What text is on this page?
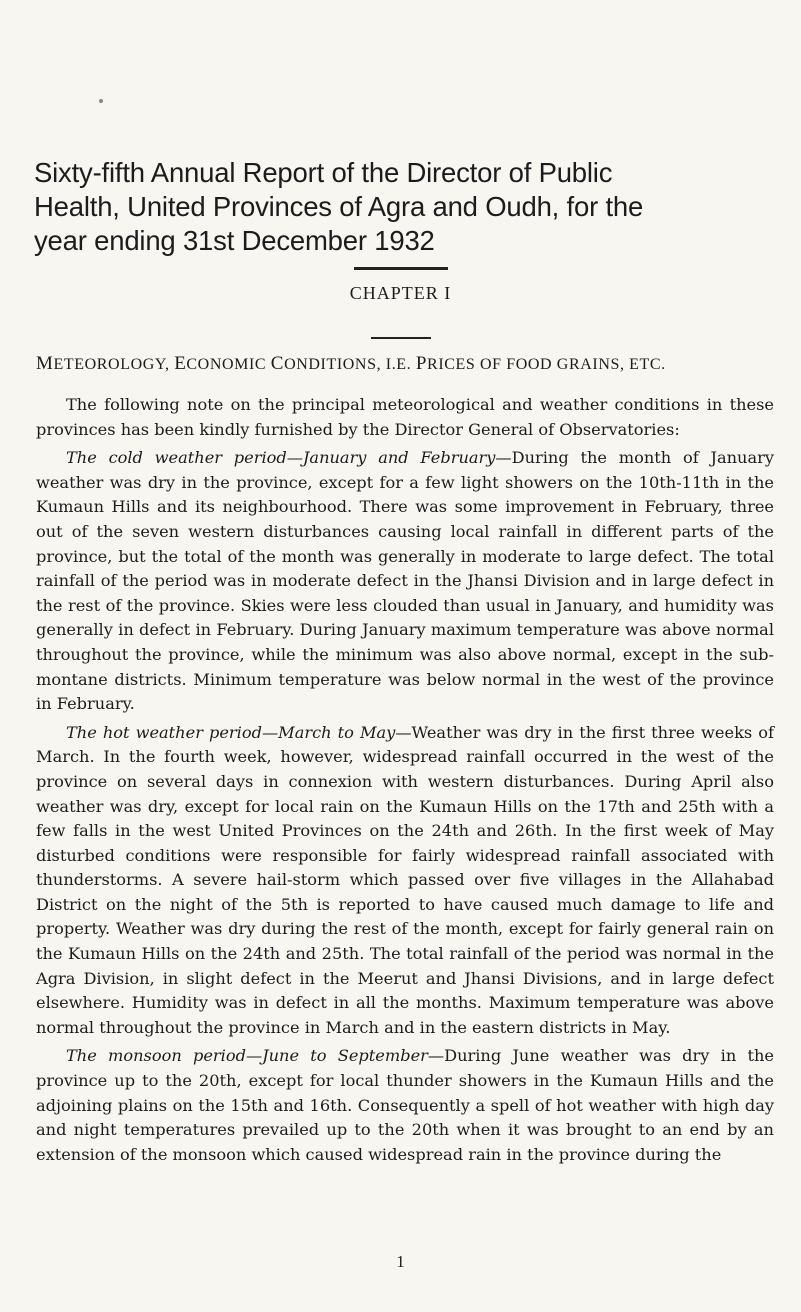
Sixty-fifth Annual Report of the Director of Public
Health, United Provinces of Agra and Oudh, for the
year ending 31st December 1932
CHAPTER I
METEOROLOGY, ECONOMIC CONDITIONS, I.E. PRICES OF FOOD GRAINS, ETC.

The following note on the principal meteorological and weather conditions in these provinces has been kindly furnished by the Director General of Observatories:

The cold weather period—January and February—During the month of January weather was dry in the province, except for a few light showers on the 10th-11th in the Kumaun Hills and its neighbourhood. There was some improvement in February, three out of the seven western disturbances causing local rainfall in different parts of the province, but the total of the month was generally in moderate to large defect. The total rainfall of the period was in moderate defect in the Jhansi Division and in large defect in the rest of the province. Skies were less clouded than usual in January, and humidity was generally in defect in February. During January maximum temperature was above normal throughout the province, while the minimum was also above normal, except in the sub-montane districts. Minimum temperature was below normal in the west of the province in February.

The hot weather period—March to May—Weather was dry in the first three weeks of March. In the fourth week, however, widespread rainfall occurred in the west of the province on several days in connexion with western disturbances. During April also weather was dry, except for local rain on the Kumaun Hills on the 17th and 25th with a few falls in the west United Provinces on the 24th and 26th. In the first week of May disturbed conditions were responsible for fairly widespread rainfall associated with thunderstorms. A severe hail-storm which passed over five villages in the Allahabad District on the night of the 5th is reported to have caused much damage to life and property. Weather was dry during the rest of the month, except for fairly general rain on the Kumaun Hills on the 24th and 25th. The total rainfall of the period was normal in the Agra Division, in slight defect in the Meerut and Jhansi Divisions, and in large defect elsewhere. Humidity was in defect in all the months. Maximum temperature was above normal throughout the province in March and in the eastern districts in May.

The monsoon period—June to September—During June weather was dry in the province up to the 20th, except for local thunder showers in the Kumaun Hills and the adjoining plains on the 15th and 16th. Consequently a spell of hot weather with high day and night temperatures prevailed up to the 20th when it was brought to an end by an extension of the monsoon which caused widespread rain in the province during the

1
